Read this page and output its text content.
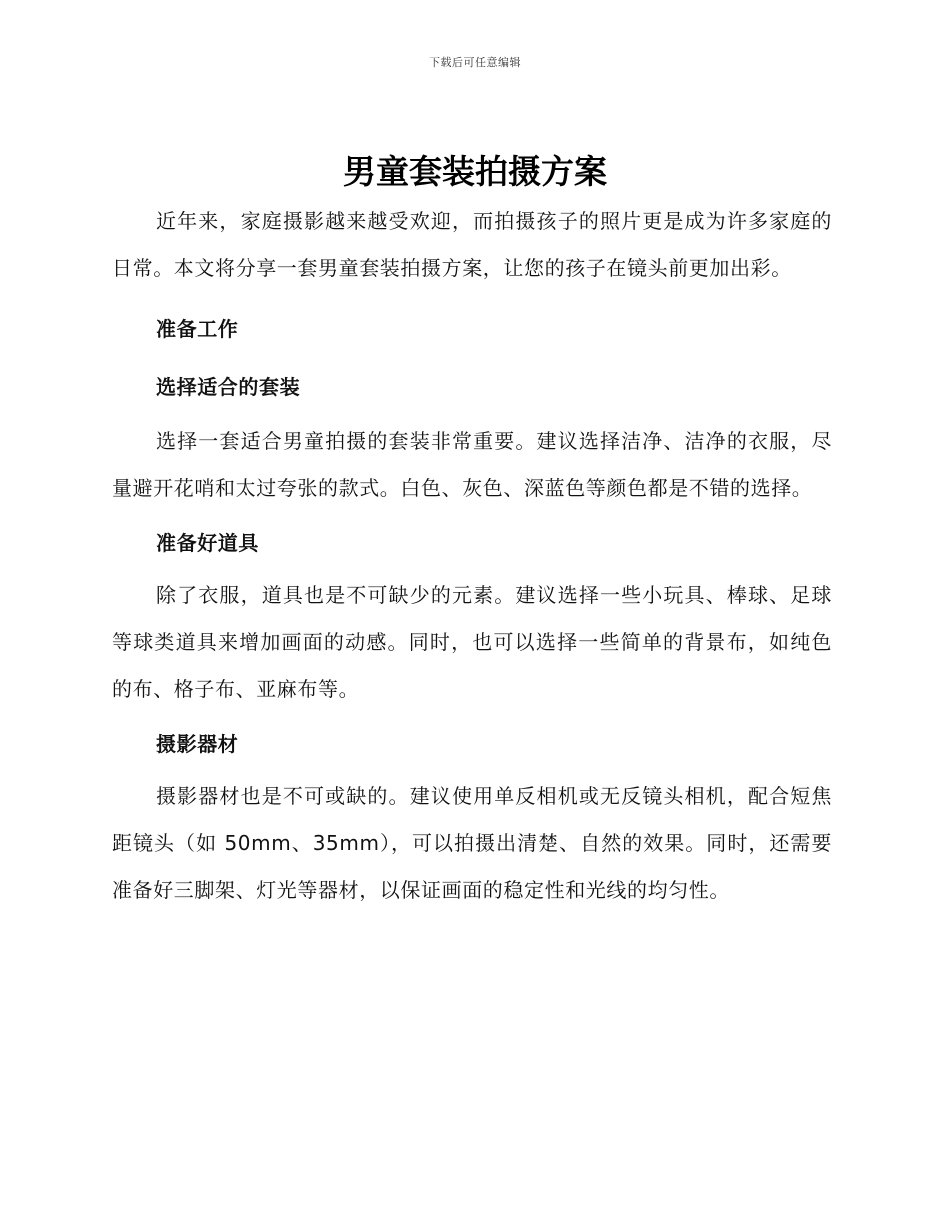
下载后可任意编辑
男童套装拍摄方案

近年来，家庭摄影越来越受欢迎，而拍摄孩子的照片更是成为许多家庭的日常。本文将分享一套男童套装拍摄方案，让您的孩子在镜头前更加出彩。

准备工作
选择适合的套装

选择一套适合男童拍摄的套装非常重要。建议选择洁净、洁净的衣服，尽量避开花哨和太过夸张的款式。白色、灰色、深蓝色等颜色都是不错的选择。

准备好道具

除了衣服，道具也是不可缺少的元素。建议选择一些小玩具、棒球、足球等球类道具来增加画面的动感。同时，也可以选择一些简单的背景布，如纯色的布、格子布、亚麻布等。

摄影器材

摄影器材也是不可或缺的。建议使用单反相机或无反镜头相机，配合短焦距镜头（如 50mm、35mm），可以拍摄出清楚、自然的效果。同时，还需要准备好三脚架、灯光等器材，以保证画面的稳定性和光线的均匀性。
